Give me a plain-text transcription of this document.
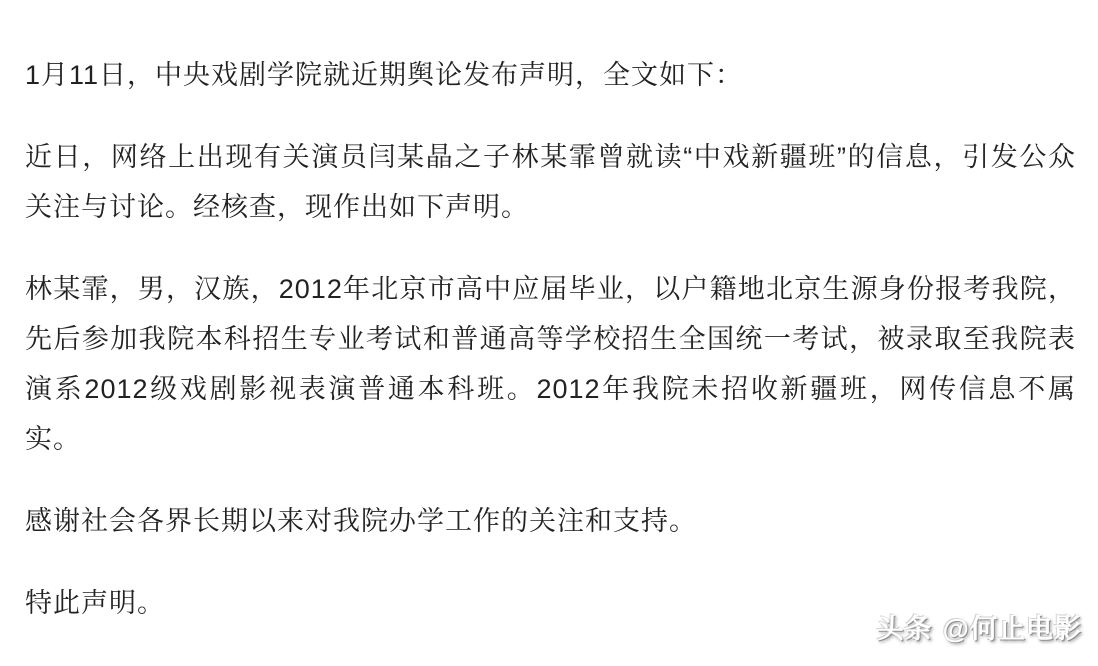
1月11日，中央戏剧学院就近期舆论发布声明，全文如下：

近日，网络上出现有关演员闫某晶之子林某霏曾就读“中戏新疆班”的信息，引发公众关注与讨论。经核查，现作出如下声明。

林某霏，男，汉族，2012年北京市高中应届毕业，以户籍地北京生源身份报考我院，先后参加我院本科招生专业考试和普通高等学校招生全国统一考试，被录取至我院表演系2012级戏剧影视表演普通本科班。2012年我院未招收新疆班，网传信息不属实。

感谢社会各界长期以来对我院办学工作的关注和支持。

特此声明。

头条 @何止电影
